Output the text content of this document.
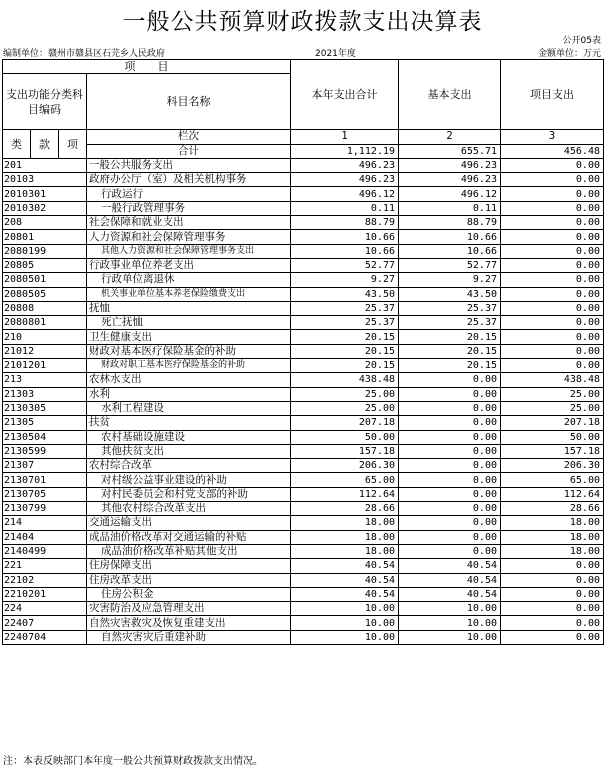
一般公共预算财政拨款支出决算表
公开05表
编制单位：赣州市赣县区石芫乡人民政府	2021年度	金额单位：万元
项　　目				本年支出合计	基本支出	项目支出
支出功能分类科目编码			科目名称			

类	款	项	栏次	1	2	3
			合计	1,112.19	655.71	456.48
201			一般公共服务支出	496.23	496.23	0.00
20103			政府办公厅（室）及相关机构事务	496.23	496.23	0.00
2010301			行政运行	496.12	496.12	0.00
2010302			一般行政管理事务	0.11	0.11	0.00
208			社会保障和就业支出	88.79	88.79	0.00
20801			人力资源和社会保障管理事务	10.66	10.66	0.00
2080199			其他人力资源和社会保障管理事务支出	10.66	10.66	0.00
20805			行政事业单位养老支出	52.77	52.77	0.00
2080501			行政单位离退休	9.27	9.27	0.00
2080505			机关事业单位基本养老保险缴费支出	43.50	43.50	0.00
20808			抚恤	25.37	25.37	0.00
2080801			死亡抚恤	25.37	25.37	0.00
210			卫生健康支出	20.15	20.15	0.00
21012			财政对基本医疗保险基金的补助	20.15	20.15	0.00
2101201			财政对职工基本医疗保险基金的补助	20.15	20.15	0.00
213			农林水支出	438.48	0.00	438.48
21303			水利	25.00	0.00	25.00
2130305			水利工程建设	25.00	0.00	25.00
21305			扶贫	207.18	0.00	207.18
2130504			农村基础设施建设	50.00	0.00	50.00
2130599			其他扶贫支出	157.18	0.00	157.18
21307			农村综合改革	206.30	0.00	206.30
2130701			对村级公益事业建设的补助	65.00	0.00	65.00
2130705			对村民委员会和村党支部的补助	112.64	0.00	112.64
2130799			其他农村综合改革支出	28.66	0.00	28.66
214			交通运输支出	18.00	0.00	18.00
21404			成品油价格改革对交通运输的补贴	18.00	0.00	18.00
2140499			成品油价格改革补贴其他支出	18.00	0.00	18.00
221			住房保障支出	40.54	40.54	0.00
22102			住房改革支出	40.54	40.54	0.00
2210201			住房公积金	40.54	40.54	0.00
224			灾害防治及应急管理支出	10.00	10.00	0.00
22407			自然灾害救灾及恢复重建支出	10.00	10.00	0.00
2240704			自然灾害灾后重建补助	10.00	10.00	0.00
注：本表反映部门本年度一般公共预算财政拨款支出情况。
